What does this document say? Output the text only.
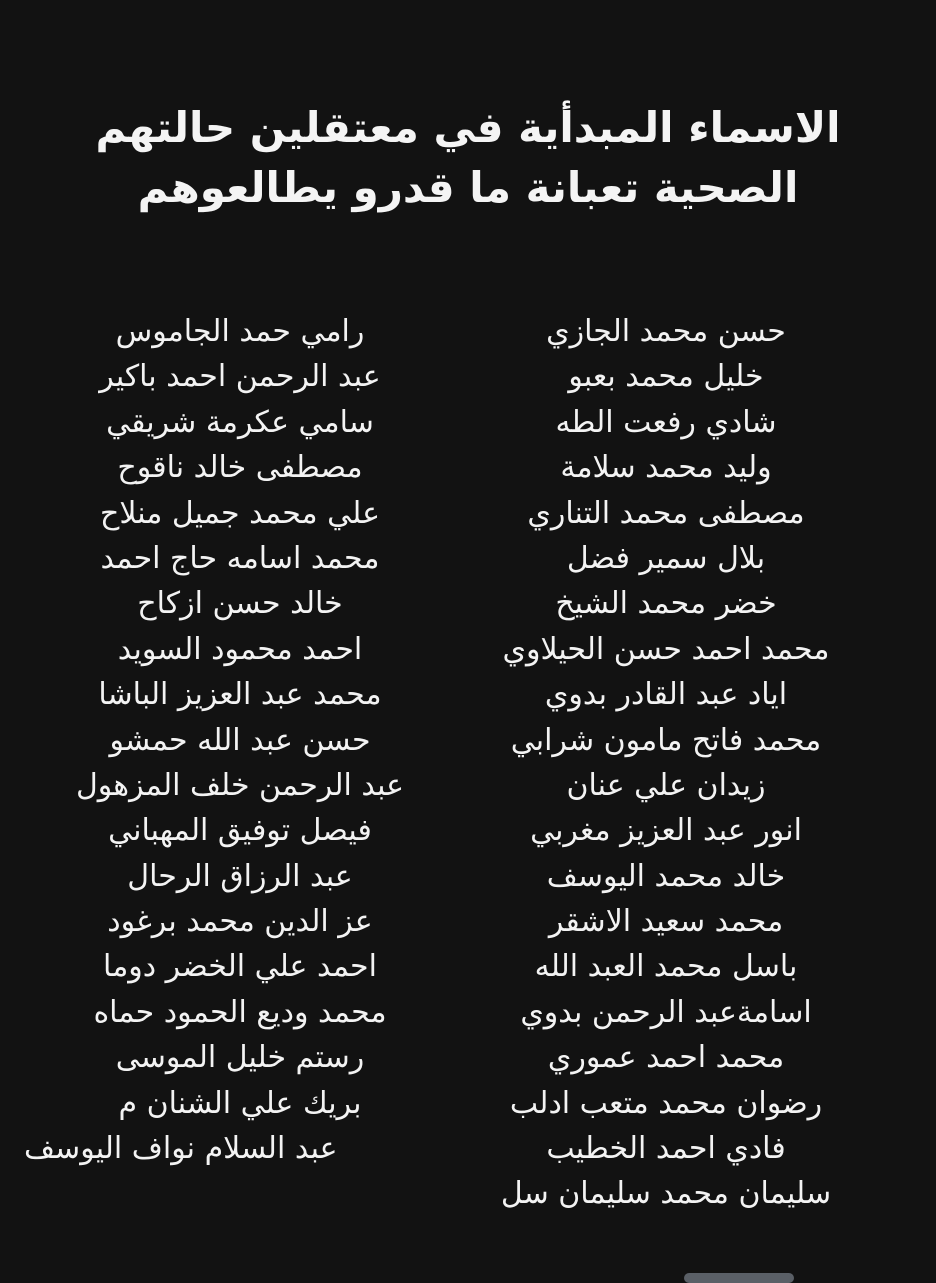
الاسماء المبدأية في معتقلين حالتهم
الصحية تعبانة ما قدرو يطالعوهم
حسن محمد الجازي
خليل محمد بعبو
شادي رفعت الطه
وليد محمد سلامة
مصطفى محمد التناري
بلال سمير فضل
خضر محمد الشيخ
محمد احمد حسن الحيلاوي
اياد عبد القادر بدوي
محمد فاتح مامون شرابي
زيدان علي عنان
انور عبد العزيز مغربي
خالد محمد اليوسف
محمد سعيد الاشقر
باسل محمد العبد الله
اسامةعبد الرحمن بدوي
محمد احمد عموري
رضوان محمد متعب ادلب
فادي احمد الخطيب
سليمان محمد سليمان سل
رامي حمد الجاموس
عبد الرحمن احمد باكير
سامي عكرمة شريقي
مصطفى خالد ناقوح
علي محمد جميل منلاح
محمد اسامه حاج احمد
خالد حسن ازكاح
احمد محمود السويد
محمد عبد العزيز الباشا
حسن عبد الله حمشو
عبد الرحمن خلف المزهول
فيصل توفيق المهباني
عبد الرزاق الرحال
عز الدين محمد برغود
احمد علي الخضر دوما
محمد وديع الحمود حماه
رستم خليل الموسى
بريك علي الشنان م
عبد السلام نواف اليوسف
